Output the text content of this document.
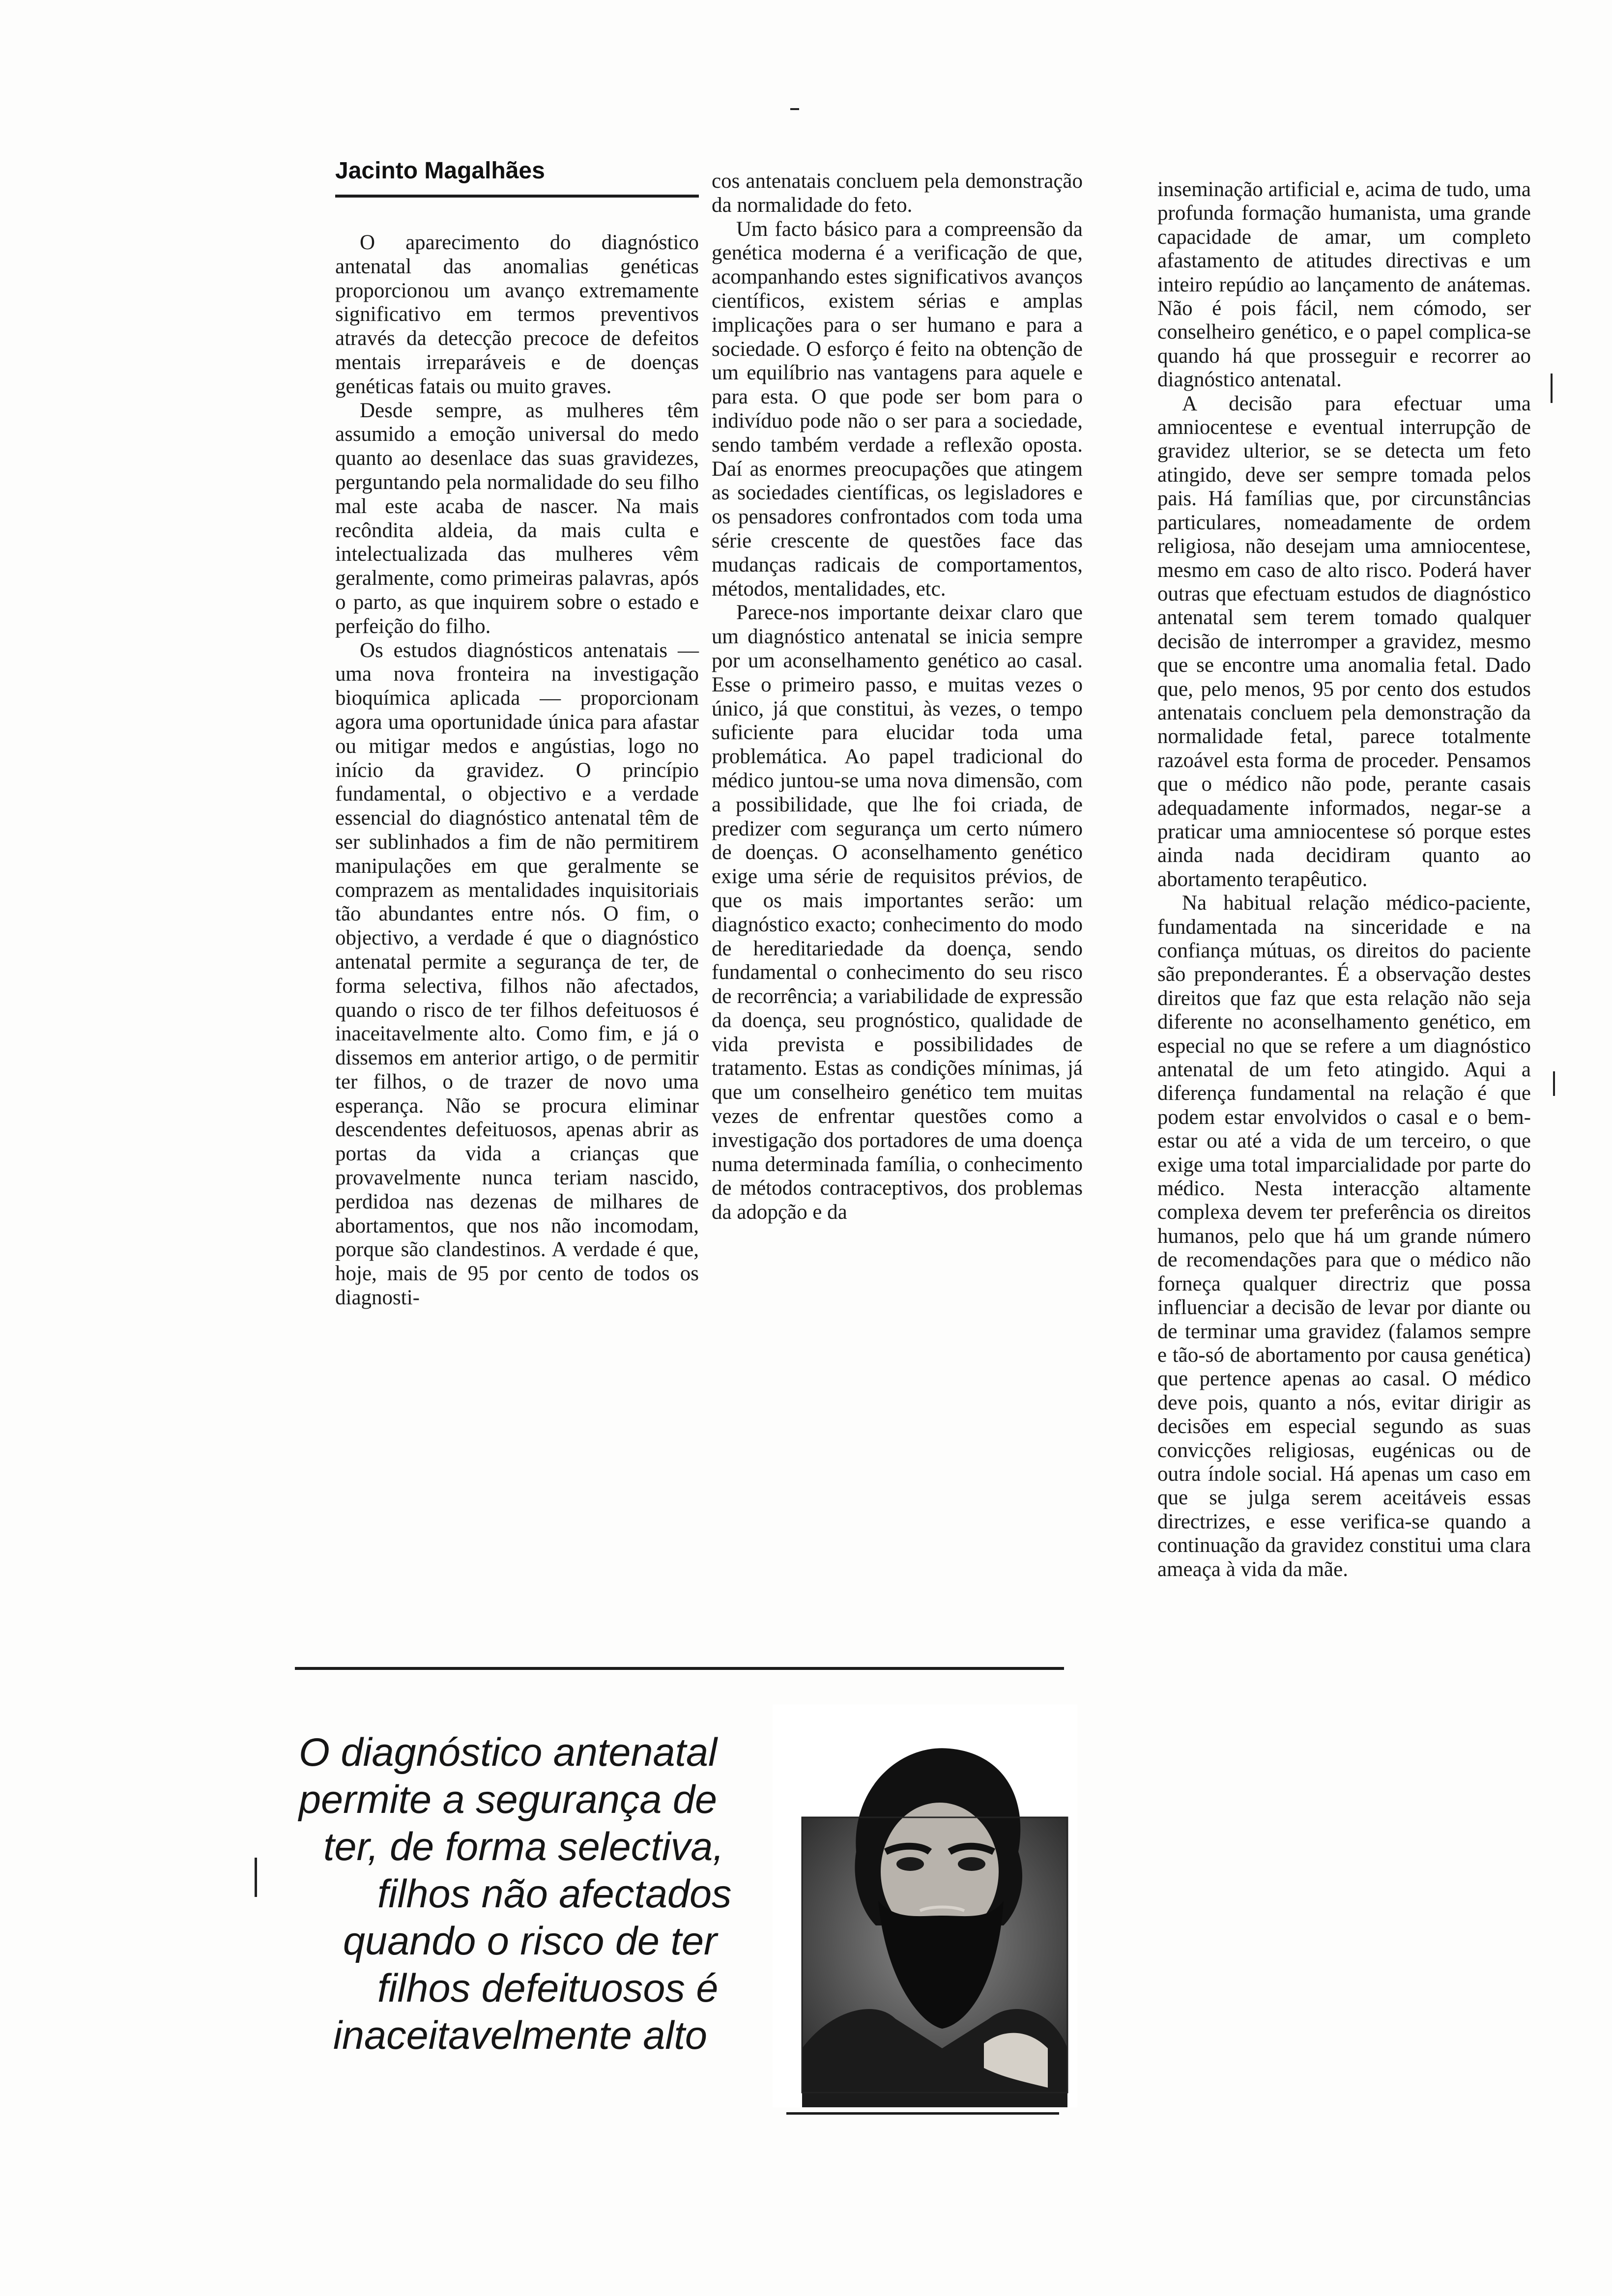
Jacinto Magalhães

O aparecimento do diagnóstico antenatal das anomalias genéticas proporcionou um avanço extremamente significativo em termos preventivos através da detecção precoce de defeitos mentais irreparáveis e de doenças genéticas fatais ou muito graves.

Desde sempre, as mulheres têm assumido a emoção universal do medo quanto ao desenlace das suas gravidezes, perguntando pela normalidade do seu filho mal este acaba de nascer. Na mais recôndita aldeia, da mais culta e intelectualizada das mulheres vêm geralmente, como primeiras palavras, após o parto, as que inquirem sobre o estado e perfeição do filho.

Os estudos diagnósticos antenatais — uma nova fronteira na investigação bioquímica aplicada — proporcionam agora uma oportunidade única para afastar ou mitigar medos e angústias, logo no início da gravidez. O princípio fundamental, o objectivo e a verdade essencial do diagnóstico antenatal têm de ser sublinhados a fim de não permitirem manipulações em que geralmente se comprazem as mentalidades inquisitoriais tão abundantes entre nós. O fim, o objectivo, a verdade é que o diagnóstico antenatal permite a segurança de ter, de forma selectiva, filhos não afectados, quando o risco de ter filhos defeituosos é inaceitavelmente alto. Como fim, e já o dissemos em anterior artigo, o de permitir ter filhos, o de trazer de novo uma esperança. Não se procura eliminar descendentes defeituosos, apenas abrir as portas da vida a crianças que provavelmente nunca teriam nascido, perdidoa nas dezenas de milhares de abortamentos, que nos não incomodam, porque são clandestinos. A verdade é que, hoje, mais de 95 por cento de todos os diagnosti-

cos antenatais concluem pela demonstração da normalidade do feto.

Um facto básico para a compreensão da genética moderna é a verificação de que, acompanhando estes significativos avanços científicos, existem sérias e amplas implicações para o ser humano e para a sociedade. O esforço é feito na obtenção de um equilíbrio nas vantagens para aquele e para esta. O que pode ser bom para o indivíduo pode não o ser para a sociedade, sendo também verdade a reflexão oposta. Daí as enormes preocupações que atingem as sociedades científicas, os legisladores e os pensadores confrontados com toda uma série crescente de questões face das mudanças radicais de comportamentos, métodos, mentalidades, etc.

Parece-nos importante deixar claro que um diagnóstico antenatal se inicia sempre por um aconselhamento genético ao casal. Esse o primeiro passo, e muitas vezes o único, já que constitui, às vezes, o tempo suficiente para elucidar toda uma problemática. Ao papel tradicional do médico juntou-se uma nova dimensão, com a possibilidade, que lhe foi criada, de predizer com segurança um certo número de doenças. O aconselhamento genético exige uma série de requisitos prévios, de que os mais importantes serão: um diagnóstico exacto; conhecimento do modo de hereditariedade da doença, sendo fundamental o conhecimento do seu risco de recorrência; a variabilidade de expressão da doença, seu prognóstico, qualidade de vida prevista e possibilidades de tratamento. Estas as condições mínimas, já que um conselheiro genético tem muitas vezes de enfrentar questões como a investigação dos portadores de uma doença numa determinada família, o conhecimento de métodos contraceptivos, dos problemas da adopção e da

inseminação artificial e, acima de tudo, uma profunda formação humanista, uma grande capacidade de amar, um completo afastamento de atitudes directivas e um inteiro repúdio ao lançamento de anátemas. Não é pois fácil, nem cómodo, ser conselheiro genético, e o papel complica-se quando há que prosseguir e recorrer ao diagnóstico antenatal.

A decisão para efectuar uma amniocentese e eventual interrupção de gravidez ulterior, se se detecta um feto atingido, deve ser sempre tomada pelos pais. Há famílias que, por circunstâncias particulares, nomeadamente de ordem religiosa, não desejam uma amniocentese, mesmo em caso de alto risco. Poderá haver outras que efectuam estudos de diagnóstico antenatal sem terem tomado qualquer decisão de interromper a gravidez, mesmo que se encontre uma anomalia fetal. Dado que, pelo menos, 95 por cento dos estudos antenatais concluem pela demonstração da normalidade fetal, parece totalmente razoável esta forma de proceder. Pensamos que o médico não pode, perante casais adequadamente informados, negar-se a praticar uma amniocentese só porque estes ainda nada decidiram quanto ao abortamento terapêutico.

Na habitual relação médico-paciente, fundamentada na sinceridade e na confiança mútuas, os direitos do paciente são preponderantes. É a observação destes direitos que faz que esta relação não seja diferente no aconselhamento genético, em especial no que se refere a um diagnóstico antenatal de um feto atingido. Aqui a diferença fundamental na relação é que podem estar envolvidos o casal e o bem-estar ou até a vida de um terceiro, o que exige uma total imparcialidade por parte do médico. Nesta interacção altamente complexa devem ter preferência os direitos humanos, pelo que há um grande número de recomendações para que o médico não forneça qualquer directriz que possa influenciar a decisão de levar por diante ou de terminar uma gravidez (falamos sempre e tão-só de abortamento por causa genética) que pertence apenas ao casal. O médico deve pois, quanto a nós, evitar dirigir as decisões em especial segundo as suas convicções religiosas, eugénicas ou de outra índole social. Há apenas um caso em que se julga serem aceitáveis essas directrizes, e esse verifica-se quando a continuação da gravidez constitui uma clara ameaça à vida da mãe.

O diagnóstico antenatal
permite a segurança de
ter, de forma selectiva,
filhos não afectados
quando o risco de ter
filhos defeituosos é
inaceitavelmente alto
